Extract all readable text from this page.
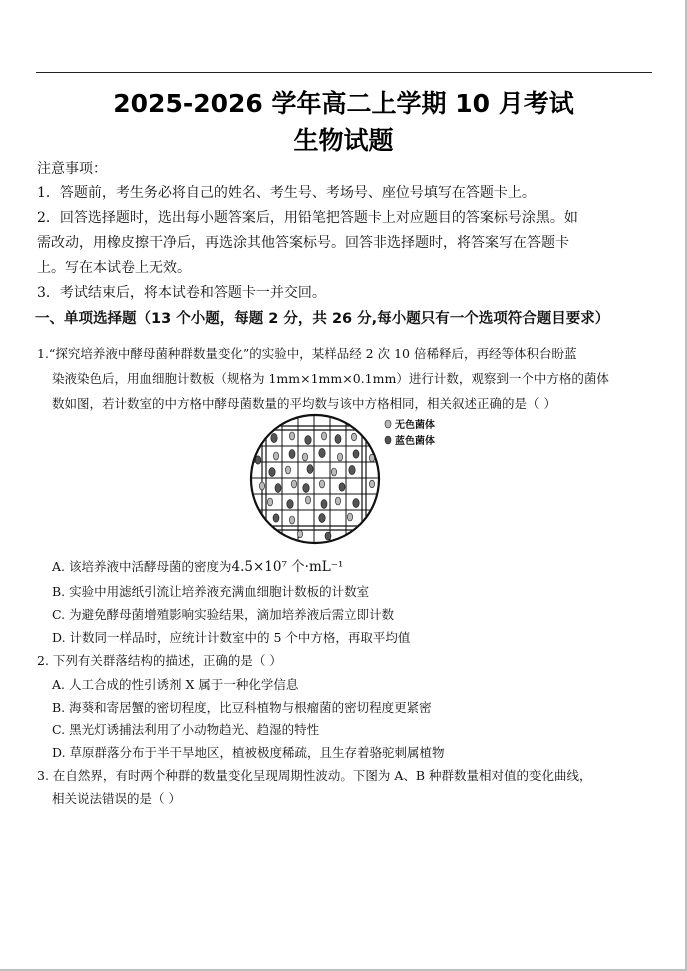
2025-2026 学年高二上学期 10 月考试
生物试题
注意事项：
1．答题前，考生务必将自己的姓名、考生号、考场号、座位号填写在答题卡上。
2．回答选择题时，选出每小题答案后，用铅笔把答题卡上对应题目的答案标号涂黑。如
需改动，用橡皮擦干净后，再选涂其他答案标号。回答非选择题时，将答案写在答题卡
上。写在本试卷上无效。
3．考试结束后，将本试卷和答题卡一并交回。
一、单项选择题（13 个小题，每题 2 分，共 26 分,每小题只有一个选项符合题目要求）
1.“探究培养液中酵母菌种群数量变化”的实验中，某样品经 2 次 10 倍稀释后，再经等体积台盼蓝
染液染色后，用血细胞计数板（规格为 1mm×1mm×0.1mm）进行计数，观察到一个中方格的菌体
数如图，若计数室的中方格中酵母菌数量的平均数与该中方格相同，相关叙述正确的是（ ）
无色菌体
蓝色菌体
A. 该培养液中活酵母菌的密度为4.5×10⁷ 个·mL⁻¹
B. 实验中用滤纸引流让培养液充满血细胞计数板的计数室
C. 为避免酵母菌增殖影响实验结果，滴加培养液后需立即计数
D. 计数同一样品时，应统计计数室中的 5 个中方格，再取平均值
2. 下列有关群落结构的描述，正确的是（ ）
A. 人工合成的性引诱剂 X 属于一种化学信息
B. 海葵和寄居蟹的密切程度，比豆科植物与根瘤菌的密切程度更紧密
C. 黑光灯诱捕法利用了小动物趋光、趋湿的特性
D. 草原群落分布于半干旱地区，植被极度稀疏，且生存着骆驼刺属植物
3. 在自然界，有时两个种群的数量变化呈现周期性波动。下图为 A、B 种群数量相对值的变化曲线，
相关说法错误的是（ ）
